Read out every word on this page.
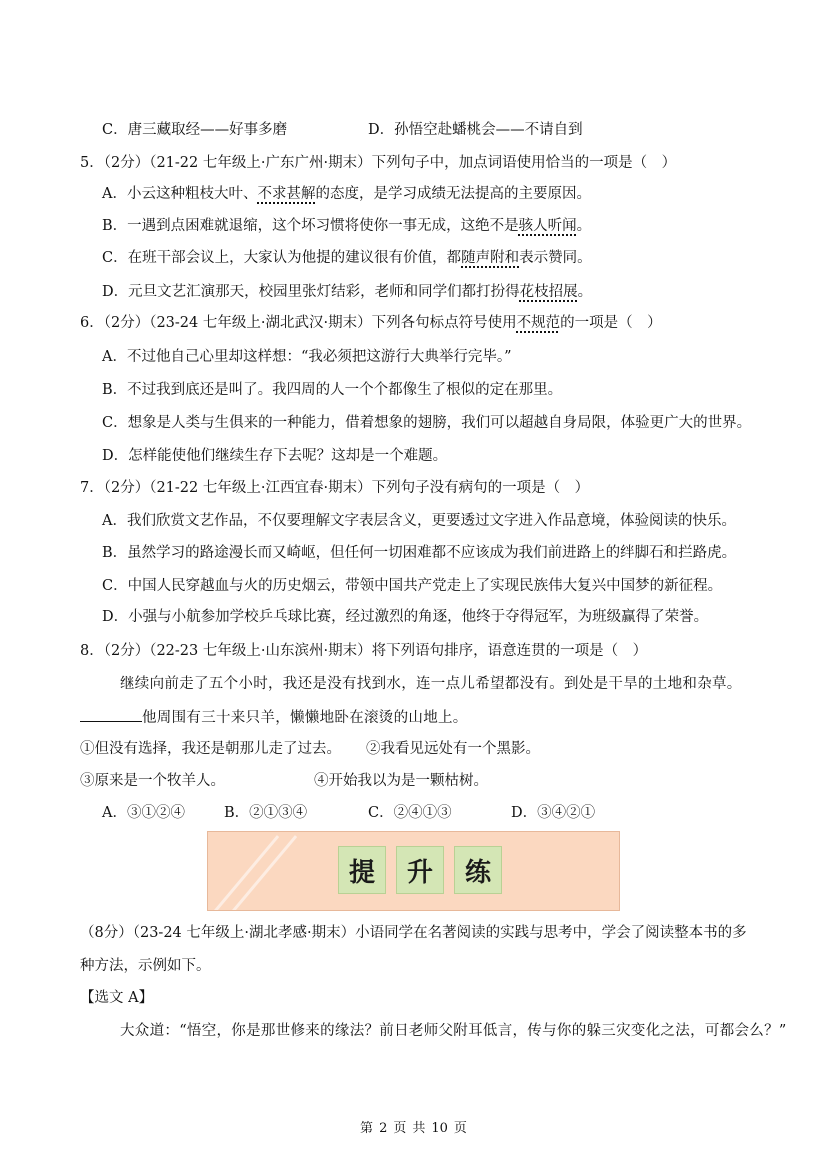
C．唐三藏取经——好事多磨	D．孙悟空赴蟠桃会——不请自到
5．（2分）（21-22 七年级上·广东广州·期末）下列句子中，加点词语使用恰当的一项是（　）
A．小云这种粗枝大叶、不求甚解的态度，是学习成绩无法提高的主要原因。
B．一遇到点困难就退缩，这个坏习惯将使你一事无成，这绝不是骇人听闻。
C．在班干部会议上，大家认为他提的建议很有价值，都随声附和表示赞同。
D．元旦文艺汇演那天，校园里张灯结彩，老师和同学们都打扮得花枝招展。
6．（2分）（23-24 七年级上·湖北武汉·期末）下列各句标点符号使用不规范的一项是（　）
A．不过他自己心里却这样想：“我必须把这游行大典举行完毕。”
B．不过我到底还是叫了。我四周的人一个个都像生了根似的定在那里。
C．想象是人类与生俱来的一种能力，借着想象的翅膀，我们可以超越自身局限，体验更广大的世界。
D．怎样能使他们继续生存下去呢？这却是一个难题。
7．（2分）（21-22 七年级上·江西宜春·期末）下列句子没有病句的一项是（　）
A．我们欣赏文艺作品，不仅要理解文字表层含义，更要透过文字进入作品意境，体验阅读的快乐。
B．虽然学习的路途漫长而又崎岖，但任何一切困难都不应该成为我们前进路上的绊脚石和拦路虎。
C．中国人民穿越血与火的历史烟云，带领中国共产党走上了实现民族伟大复兴中国梦的新征程。
D．小强与小航参加学校乒乓球比赛，经过激烈的角逐，他终于夺得冠军，为班级赢得了荣誉。
8．（2分）（22-23 七年级上·山东滨州·期末）将下列语句排序，语意连贯的一项是（　）
继续向前走了五个小时，我还是没有找到水，连一点儿希望都没有。到处是干旱的土地和杂草。
他周围有三十来只羊，懒懒地卧在滚烫的山地上。
①但没有选择，我还是朝那儿走了过去。 ②我看见远处有一个黑影。
③原来是一个牧羊人。	④开始我以为是一颗枯树。
A．③①②④	B．②①③④	C．②④①③	D．③④②①
提	升	练
（8分）（23-24 七年级上·湖北孝感·期末）小语同学在名著阅读的实践与思考中，学会了阅读整本书的多
种方法，示例如下。
【选文 A】
大众道：“悟空，你是那世修来的缘法？前日老师父附耳低言，传与你的躲三灾变化之法，可都会么？”
第 2 页 共 10 页
